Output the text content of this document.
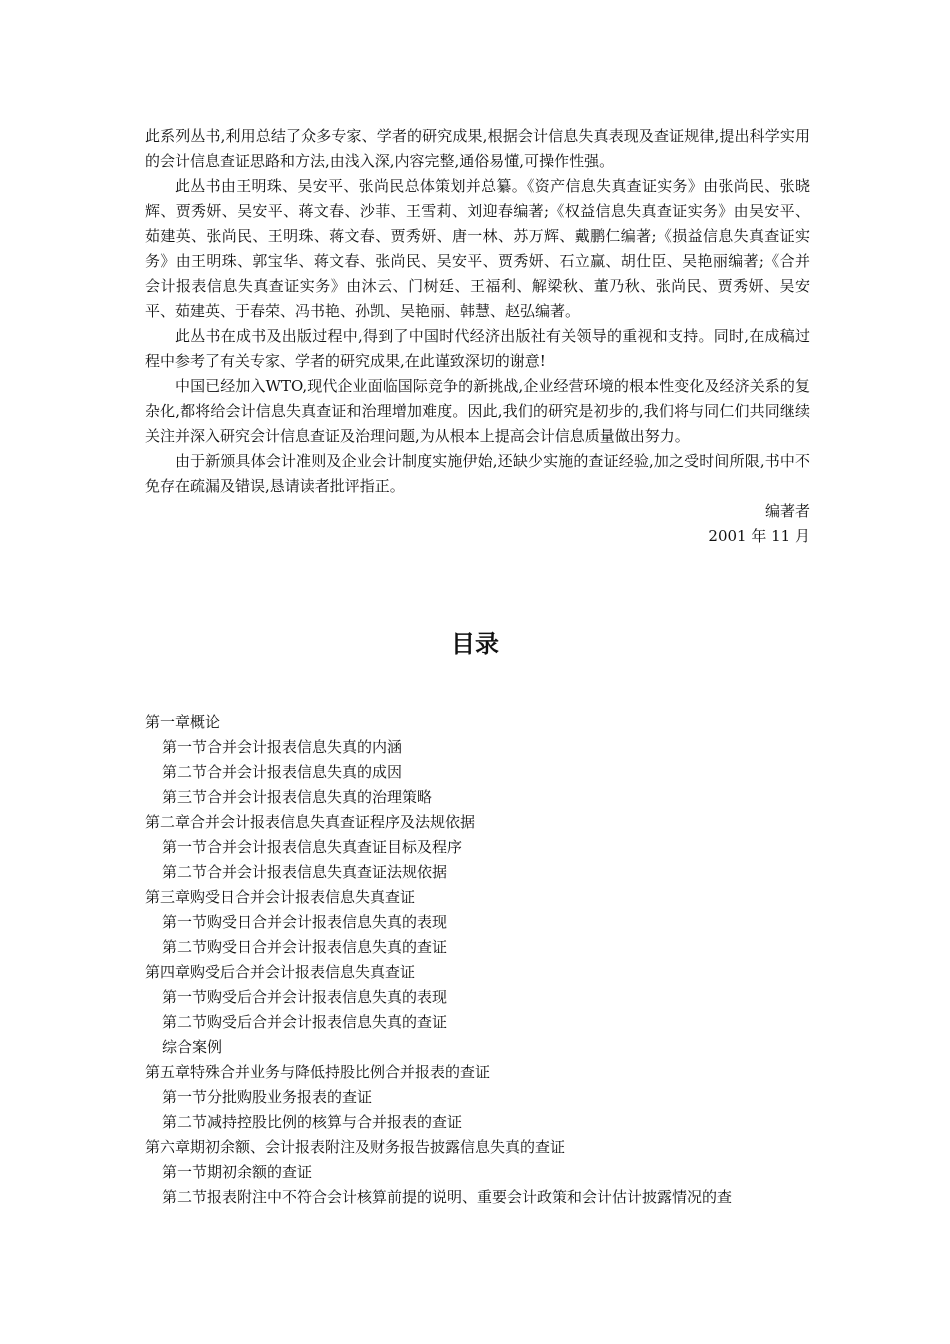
此系列丛书,利用总结了众多专家、学者的研究成果,根据会计信息失真表现及查证规律,提出科学实用的会计信息查证思路和方法,由浅入深,内容完整,通俗易懂,可操作性强。

此丛书由王明珠、吴安平、张尚民总体策划并总纂。《资产信息失真查证实务》由张尚民、张晓辉、贾秀妍、吴安平、蒋文春、沙菲、王雪莉、刘迎春编著;《权益信息失真查证实务》由吴安平、茹建英、张尚民、王明珠、蒋文春、贾秀妍、唐一林、苏万辉、戴鹏仁编著;《损益信息失真查证实务》由王明珠、郭宝华、蒋文春、张尚民、吴安平、贾秀妍、石立赢、胡仕臣、吴艳丽编著;《合并会计报表信息失真查证实务》由沐云、门树廷、王福利、解梁秋、董乃秋、张尚民、贾秀妍、吴安平、茹建英、于春荣、冯书艳、孙凯、吴艳丽、韩慧、赵弘编著。

此丛书在成书及出版过程中,得到了中国时代经济出版社有关领导的重视和支持。同时,在成稿过程中参考了有关专家、学者的研究成果,在此谨致深切的谢意!

中国已经加入WTO,现代企业面临国际竞争的新挑战,企业经营环境的根本性变化及经济关系的复杂化,都将给会计信息失真查证和治理增加难度。因此,我们的研究是初步的,我们将与同仁们共同继续关注并深入研究会计信息查证及治理问题,为从根本上提高会计信息质量做出努力。

由于新颁具体会计准则及企业会计制度实施伊始,还缺少实施的查证经验,加之受时间所限,书中不免存在疏漏及错误,恳请读者批评指正。

编著者

2001 年 11 月

目录
第一章概论
第一节合并会计报表信息失真的内涵
第二节合并会计报表信息失真的成因
第三节合并会计报表信息失真的治理策略
第二章合并会计报表信息失真查证程序及法规依据
第一节合并会计报表信息失真查证目标及程序
第二节合并会计报表信息失真查证法规依据
第三章购受日合并会计报表信息失真查证
第一节购受日合并会计报表信息失真的表现
第二节购受日合并会计报表信息失真的查证
第四章购受后合并会计报表信息失真查证
第一节购受后合并会计报表信息失真的表现
第二节购受后合并会计报表信息失真的查证
综合案例
第五章特殊合并业务与降低持股比例合并报表的查证
第一节分批购股业务报表的查证
第二节减持控股比例的核算与合并报表的查证
第六章期初余额、会计报表附注及财务报告披露信息失真的查证
第一节期初余额的查证
第二节报表附注中不符合会计核算前提的说明、重要会计政策和会计估计披露情况的查
